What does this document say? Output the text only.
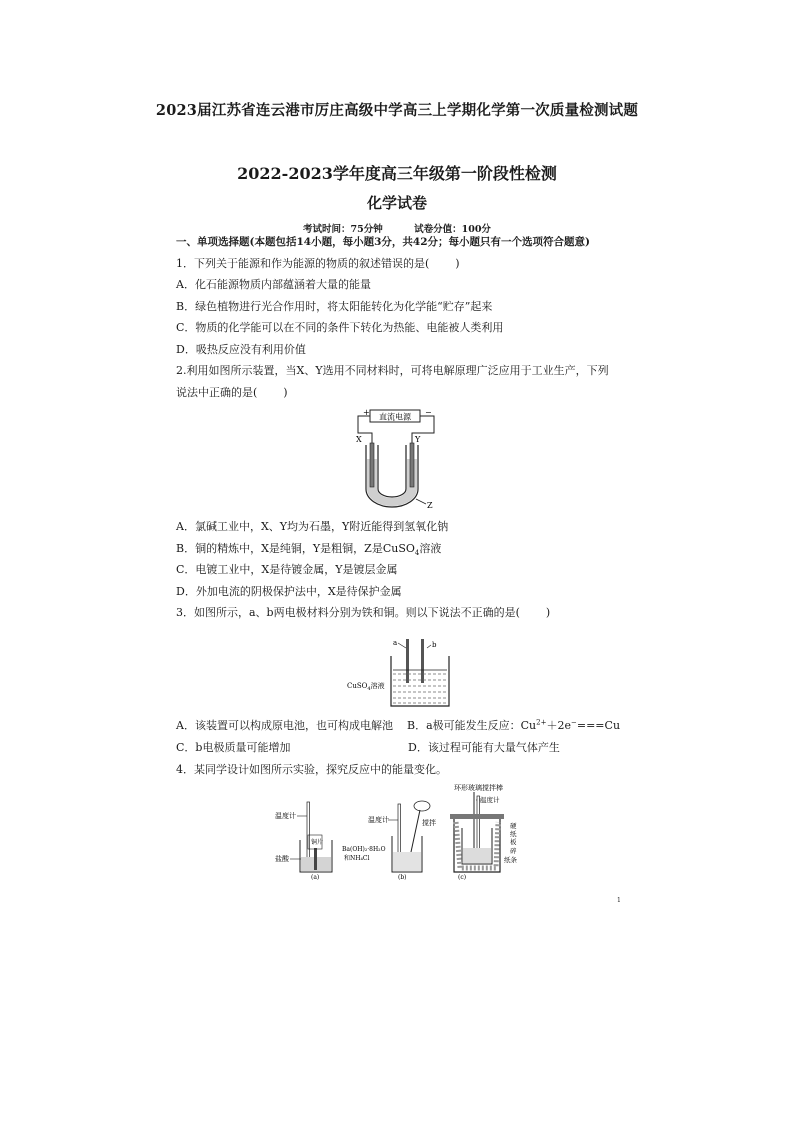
2023届江苏省连云港市厉庄高级中学高三上学期化学第一次质量检测试题
2022-2023学年度高三年级第一阶段性检测
化学试卷
考试时间：75分钟	试卷分值：100分
一、单项选择题(本题包括14小题，每小题3分，共42分；每小题只有一个选项符合题意)
1．下列关于能源和作为能源的物质的叙述错误的是( )
A．化石能源物质内部蕴涵着大量的能量
B．绿色植物进行光合作用时，将太阳能转化为化学能“贮存”起来
C．物质的化学能可以在不同的条件下转化为热能、电能被人类利用
D．吸热反应没有利用价值
2.利用如图所示装置，当X、Y选用不同材料时，可将电解原理广泛应用于工业生产，下列
说法中正确的是( )
直流电源
+	−
X	Y
Z
A．氯碱工业中，X、Y均为石墨，Y附近能得到氢氧化钠
B．铜的精炼中，X是纯铜，Y是粗铜，Z是CuSO$_4$溶液
C．电镀工业中，X是待镀金属，Y是镀层金属
D．外加电流的阴极保护法中，X是待保护金属
3．如图所示，a、b两电极材料分别为铁和铜。则以下说法不正确的是( )
a	b
CuSO$_4$溶液
A．该装置可以构成原电池，也可构成电解池 B．a极可能发生反应：$Cu^{2+}+2e^-===Cu$
C．b电极质量可能增加	D．该过程可能有大量气体产生
4．某同学设计如图所示实验，探究反应中的能量变化。
温度计
铜片
盐酸
(a)
温度计	搅拌
Ba(OH)₂·8H₂O
和NH₄Cl
(b)
环形玻璃搅拌棒
温度计
硬
纸
板
碎
纸条
(c)
1
